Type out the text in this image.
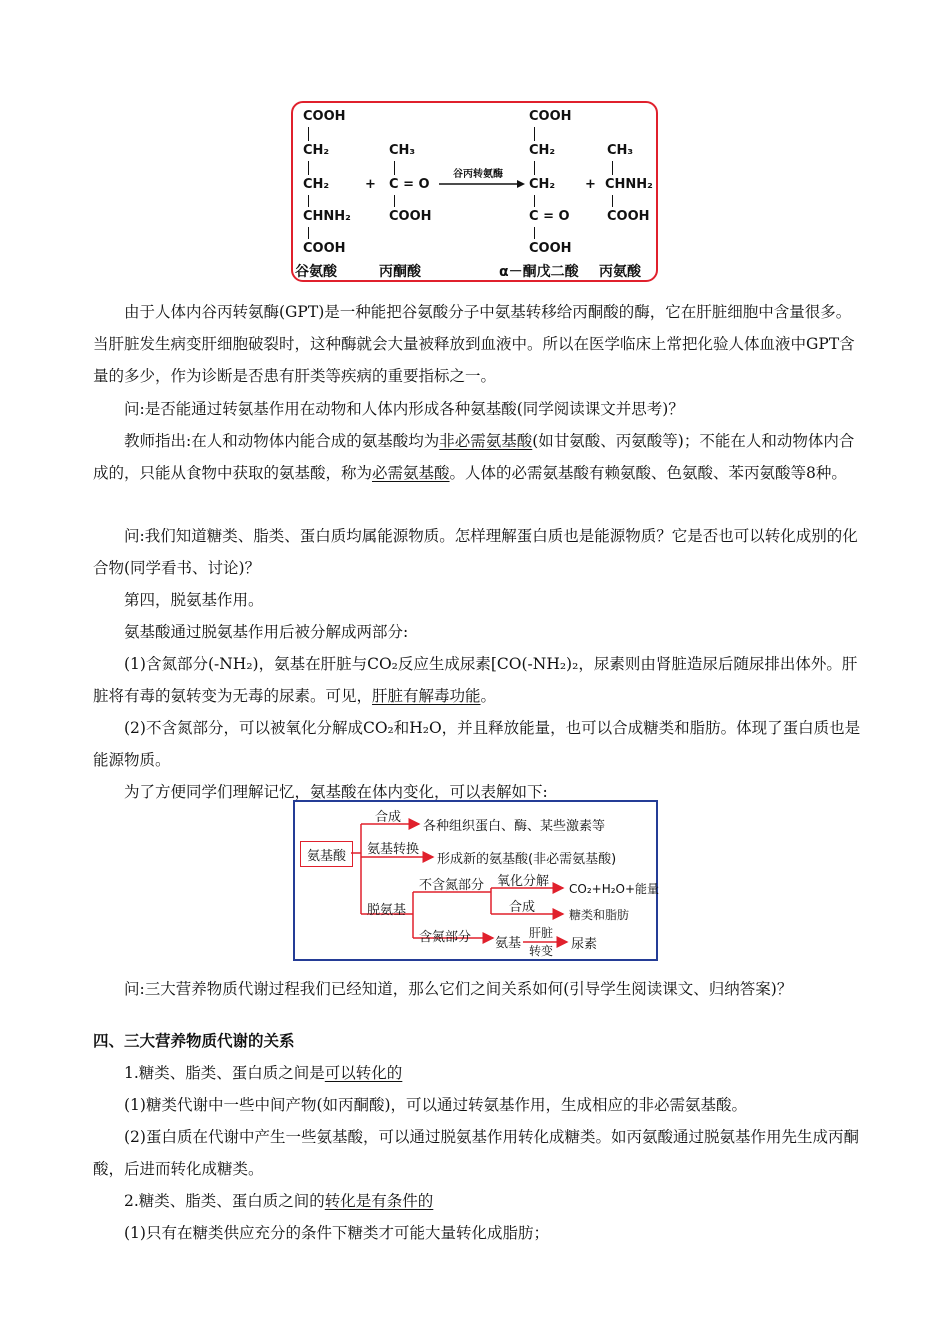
COOH
CH₂
CH₂
CHNH₂
COOH
+
CH₃
C = O
COOH
谷丙转氨酶
COOH
CH₂
CH₂
C = O
COOH
+
CH₃
CHNH₂
COOH
谷氨酸	丙酮酸	α－酮戊二酸 丙氨酸

由于人体内谷丙转氨酶(GPT)是一种能把谷氨酸分子中氨基转移给丙酮酸的酶，它在肝脏细胞中含量很多。当肝脏发生病变肝细胞破裂时，这种酶就会大量被释放到血液中。所以在医学临床上常把化验人体血液中GPT含量的多少，作为诊断是否患有肝类等疾病的重要指标之一。

问:是否能通过转氨基作用在动物和人体内形成各种氨基酸(同学阅读课文并思考)？

教师指出:在人和动物体内能合成的氨基酸均为非必需氨基酸(如甘氨酸、丙氨酸等)；不能在人和动物体内合成的，只能从食物中获取的氨基酸，称为必需氨基酸。人体的必需氨基酸有赖氨酸、色氨酸、苯丙氨酸等8种。

问:我们知道糖类、脂类、蛋白质均属能源物质。怎样理解蛋白质也是能源物质？它是否也可以转化成别的化合物(同学看书、讨论)？

第四，脱氨基作用。

氨基酸通过脱氨基作用后被分解成两部分:

(1)含氮部分(-NH₂)，氨基在肝脏与CO₂反应生成尿素[CO(-NH₂)₂，尿素则由肾脏造尿后随尿排出体外。肝脏将有毒的氨转变为无毒的尿素。可见，肝脏有解毒功能。

(2)不含氮部分，可以被氧化分解成CO₂和H₂O，并且释放能量，也可以合成糖类和脂肪。体现了蛋白质也是能源物质。

为了方便同学们理解记忆，氨基酸在体内变化，可以表解如下:

氨基酸
合成
各种组织蛋白、酶、某些激素等
氨基转换
形成新的氨基酸(非必需氨基酸)
脱氨基
不含氮部分 氧化分解 CO₂+H₂O+能量
合成	糖类和脂肪
含氮部分 氨基
肝脏
转变 尿素

问:三大营养物质代谢过程我们已经知道，那么它们之间关系如何(引导学生阅读课文、归纳答案)？

四、三大营养物质代谢的关系

1.糖类、脂类、蛋白质之间是可以转化的

(1)糖类代谢中一些中间产物(如丙酮酸)，可以通过转氨基作用，生成相应的非必需氨基酸。

(2)蛋白质在代谢中产生一些氨基酸，可以通过脱氨基作用转化成糖类。如丙氨酸通过脱氨基作用先生成丙酮酸，后进而转化成糖类。

2.糖类、脂类、蛋白质之间的转化是有条件的

(1)只有在糖类供应充分的条件下糖类才可能大量转化成脂肪；
